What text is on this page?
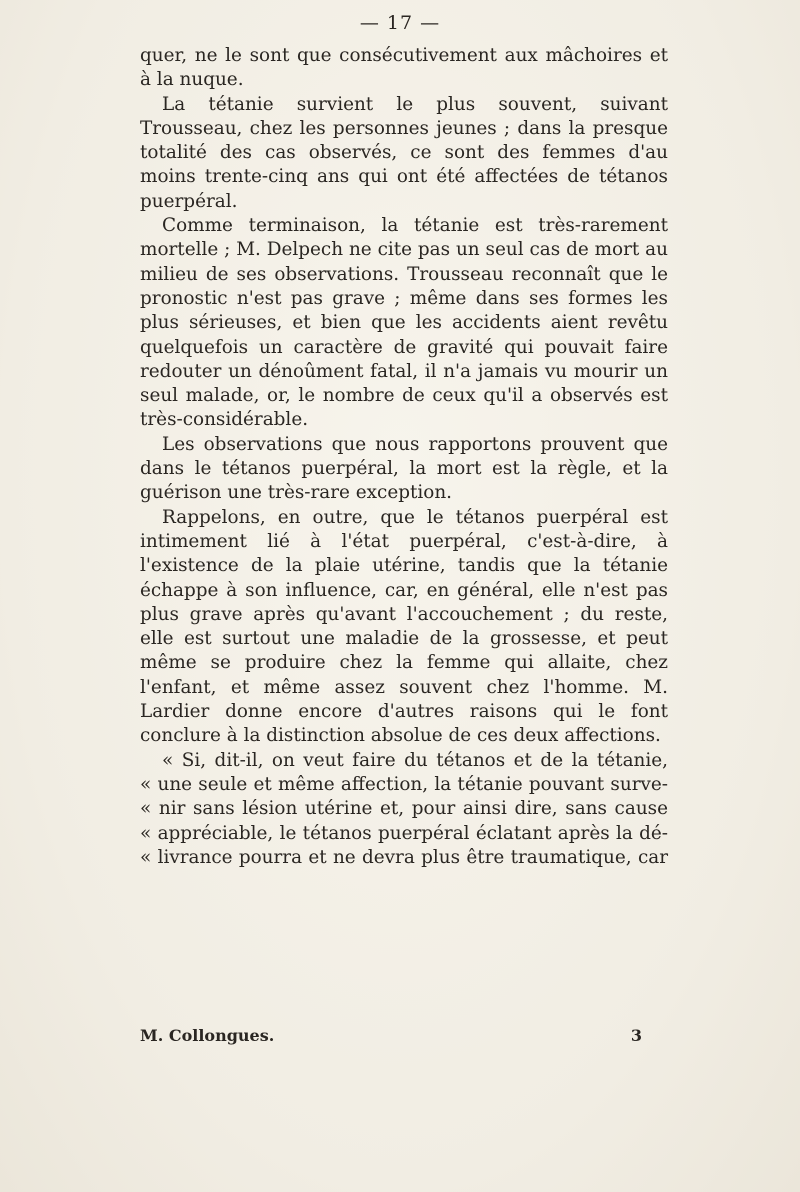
— 17 —

quer, ne le sont que consécutivement aux mâchoires et à la nuque.

La tétanie survient le plus souvent, suivant Trousseau, chez les personnes jeunes ; dans la presque totalité des cas observés, ce sont des femmes d'au moins trente-cinq ans qui ont été affectées de tétanos puerpéral.

Comme terminaison, la tétanie est très-rarement mortelle ; M. Delpech ne cite pas un seul cas de mort au milieu de ses observations. Trousseau reconnaît que le pronostic n'est pas grave ; même dans ses formes les plus sérieuses, et bien que les accidents aient revêtu quelquefois un caractère de gravité qui pouvait faire redouter un dénoûment fatal, il n'a jamais vu mourir un seul malade, or, le nombre de ceux qu'il a observés est très-considérable.

Les observations que nous rapportons prouvent que dans le tétanos puerpéral, la mort est la règle, et la guérison une très-rare exception.

Rappelons, en outre, que le tétanos puerpéral est intimement lié à l'état puerpéral, c'est-à-dire, à l'existence de la plaie utérine, tandis que la tétanie échappe à son influence, car, en général, elle n'est pas plus grave après qu'avant l'accouchement ; du reste, elle est surtout une maladie de la grossesse, et peut même se produire chez la femme qui allaite, chez l'enfant, et même assez souvent chez l'homme. M. Lardier donne encore d'autres raisons qui le font conclure à la distinction absolue de ces deux affections.

« Si, dit-il, on veut faire du tétanos et de la tétanie,
« une seule et même affection, la tétanie pouvant surve-
« nir sans lésion utérine et, pour ainsi dire, sans cause
« appréciable, le tétanos puerpéral éclatant après la dé-
« livrance pourra et ne devra plus être traumatique, car

M. Collongues.	3
